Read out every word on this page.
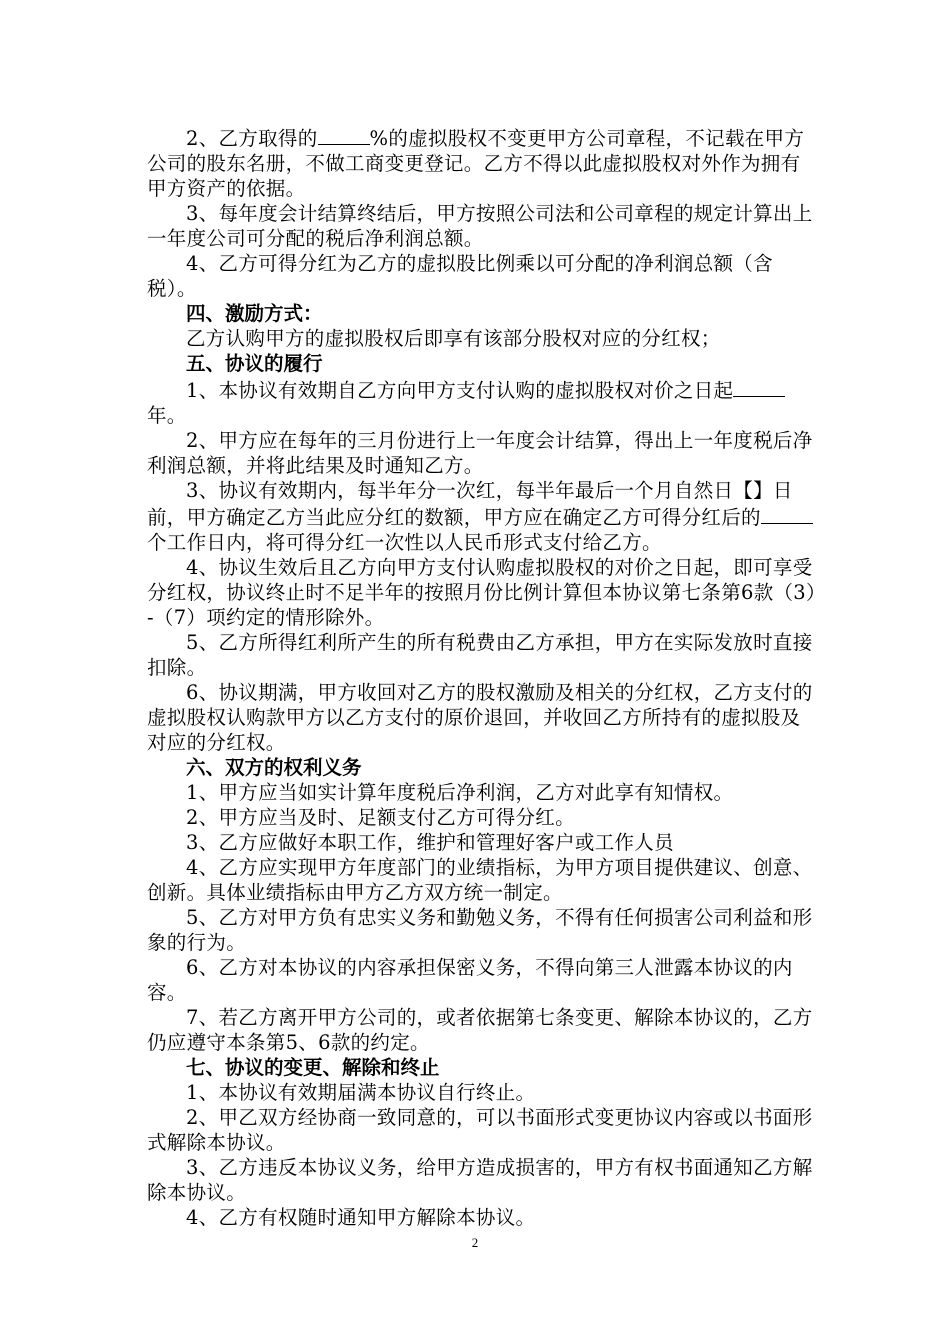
2、乙方取得的	%的虚拟股权不变更甲方公司章程，不记载在甲方公司的股东名册，不做工商变更登记。乙方不得以此虚拟股权对外作为拥有甲方资产的依据。

3、每年度会计结算终结后，甲方按照公司法和公司章程的规定计算出上一年度公司可分配的税后净利润总额。

4、乙方可得分红为乙方的虚拟股比例乘以可分配的净利润总额（含税）。

四、激励方式：

乙方认购甲方的虚拟股权后即享有该部分股权对应的分红权；

五、协议的履行

1、本协议有效期自乙方向甲方支付认购的虚拟股权对价之日起年。

2、甲方应在每年的三月份进行上一年度会计结算，得出上一年度税后净利润总额，并将此结果及时通知乙方。

3、协议有效期内，每半年分一次红，每半年最后一个月自然日【】日前，甲方确定乙方当此应分红的数额，甲方应在确定乙方可得分红后的个工作日内，将可得分红一次性以人民币形式支付给乙方。

4、协议生效后且乙方向甲方支付认购虚拟股权的对价之日起，即可享受分红权，协议终止时不足半年的按照月份比例计算但本协议第七条第6款（3）-（7）项约定的情形除外。

5、乙方所得红利所产生的所有税费由乙方承担，甲方在实际发放时直接扣除。

6、协议期满，甲方收回对乙方的股权激励及相关的分红权，乙方支付的虚拟股权认购款甲方以乙方支付的原价退回，并收回乙方所持有的虚拟股及对应的分红权。

六、双方的权利义务

1、甲方应当如实计算年度税后净利润，乙方对此享有知情权。

2、甲方应当及时、足额支付乙方可得分红。

3、乙方应做好本职工作，维护和管理好客户或工作人员

4、乙方应实现甲方年度部门的业绩指标，为甲方项目提供建议、创意、创新。具体业绩指标由甲方乙方双方统一制定。

5、乙方对甲方负有忠实义务和勤勉义务，不得有任何损害公司利益和形象的行为。

6、乙方对本协议的内容承担保密义务，不得向第三人泄露本协议的内容。

7、若乙方离开甲方公司的，或者依据第七条变更、解除本协议的，乙方仍应遵守本条第5、6款的约定。

七、协议的变更、解除和终止

1、本协议有效期届满本协议自行终止。

2、甲乙双方经协商一致同意的，可以书面形式变更协议内容或以书面形式解除本协议。

3、乙方违反本协议义务，给甲方造成损害的，甲方有权书面通知乙方解除本协议。

4、乙方有权随时通知甲方解除本协议。

2
